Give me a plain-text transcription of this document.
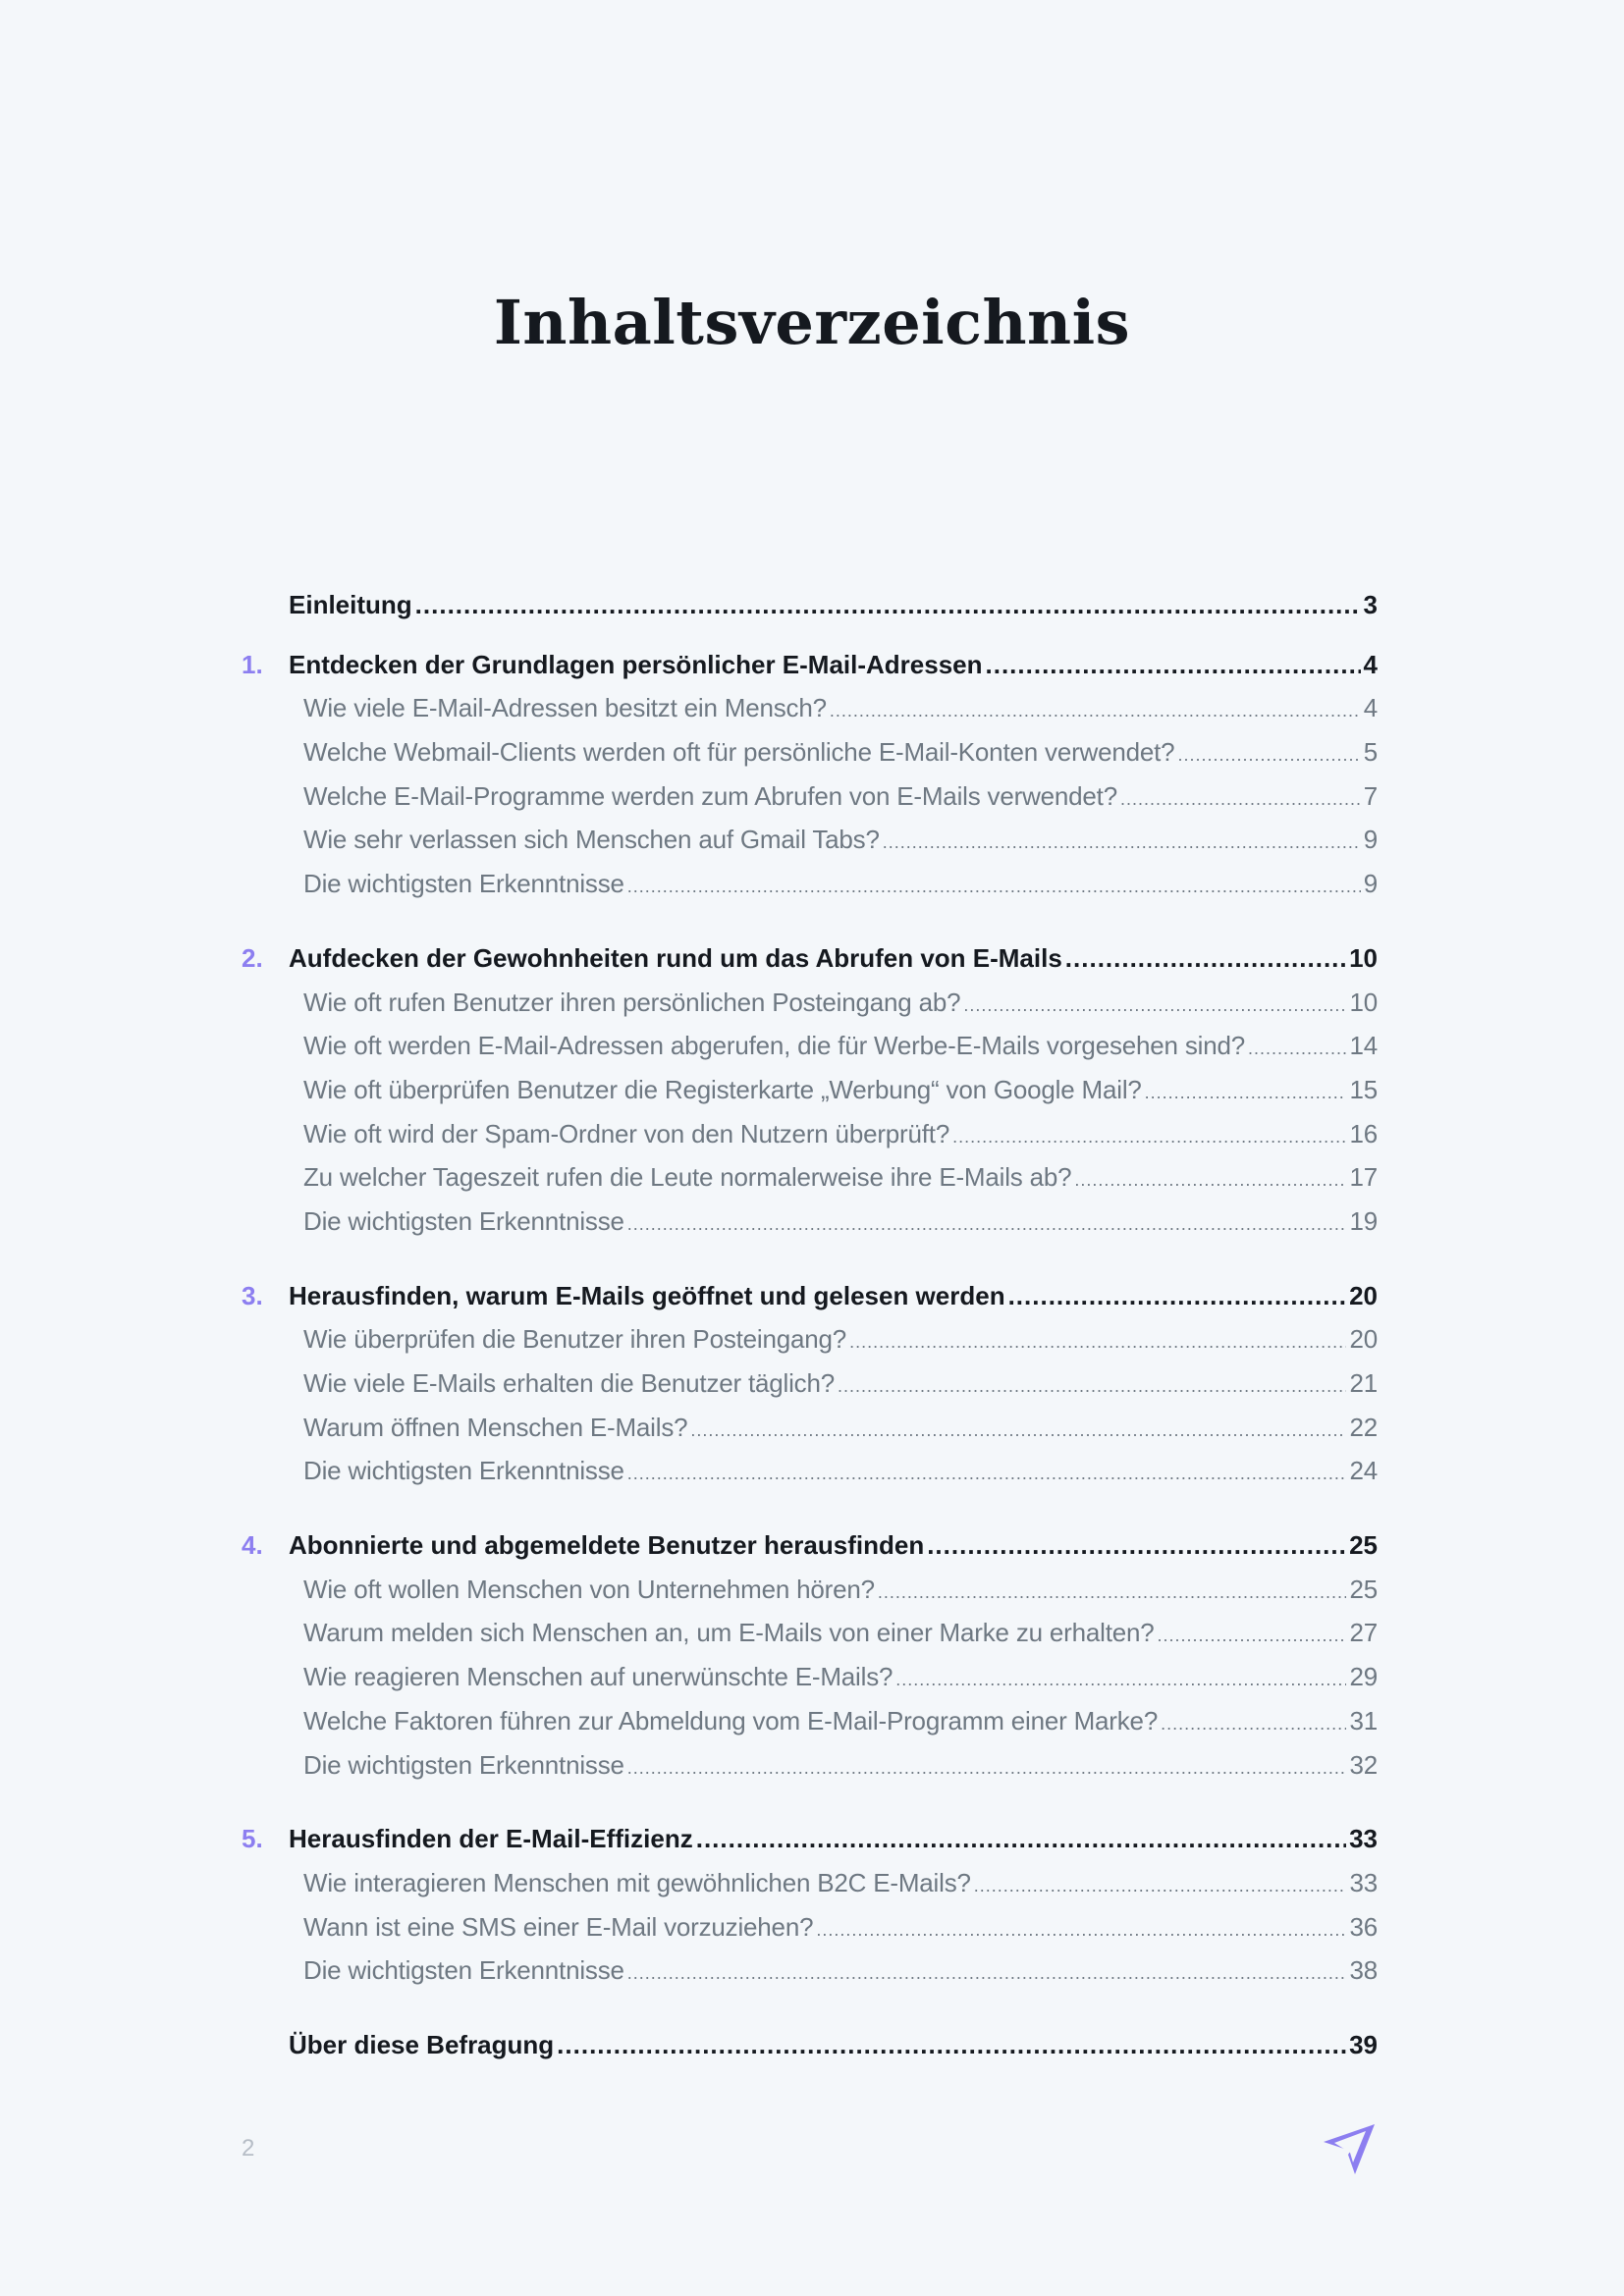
Inhaltsverzeichnis
Einleitung .....	3
1.	Entdecken der Grundlagen persönlicher E-Mail-Adressen .....	4
Wie viele E-Mail-Adressen besitzt ein Mensch? .....	4
Welche Webmail-Clients werden oft für persönliche E-Mail-Konten verwendet? .....	5
Welche E-Mail-Programme werden zum Abrufen von E-Mails verwendet? .....	7
Wie sehr verlassen sich Menschen auf Gmail Tabs? .....	9
Die wichtigsten Erkenntnisse .....	9
2.	Aufdecken der Gewohnheiten rund um das Abrufen von E-Mails .....	10
Wie oft rufen Benutzer ihren persönlichen Posteingang ab? .....	10
Wie oft werden E-Mail-Adressen abgerufen, die für Werbe-E-Mails vorgesehen sind? .....	14
Wie oft überprüfen Benutzer die Registerkarte „Werbung“ von Google Mail? .....	15
Wie oft wird der Spam-Ordner von den Nutzern überprüft? .....	16
Zu welcher Tageszeit rufen die Leute normalerweise ihre E-Mails ab? .....	17
Die wichtigsten Erkenntnisse .....	19
3.	Herausfinden, warum E-Mails geöffnet und gelesen werden .....	20
Wie überprüfen die Benutzer ihren Posteingang? .....	20
Wie viele E-Mails erhalten die Benutzer täglich? .....	21
Warum öffnen Menschen E-Mails? .....	22
Die wichtigsten Erkenntnisse .....	24
4.	Abonnierte und abgemeldete Benutzer herausfinden .....	25
Wie oft wollen Menschen von Unternehmen hören? .....	25
Warum melden sich Menschen an, um E-Mails von einer Marke zu erhalten? .....	27
Wie reagieren Menschen auf unerwünschte E-Mails? .....	29
Welche Faktoren führen zur Abmeldung vom E-Mail-Programm einer Marke? .....	31
Die wichtigsten Erkenntnisse .....	32
5.	Herausfinden der E-Mail-Effizienz .....	33
Wie interagieren Menschen mit gewöhnlichen B2C E-Mails? .....	33
Wann ist eine SMS einer E-Mail vorzuziehen? .....	36
Die wichtigsten Erkenntnisse .....	38
Über diese Befragung .....	39
2
